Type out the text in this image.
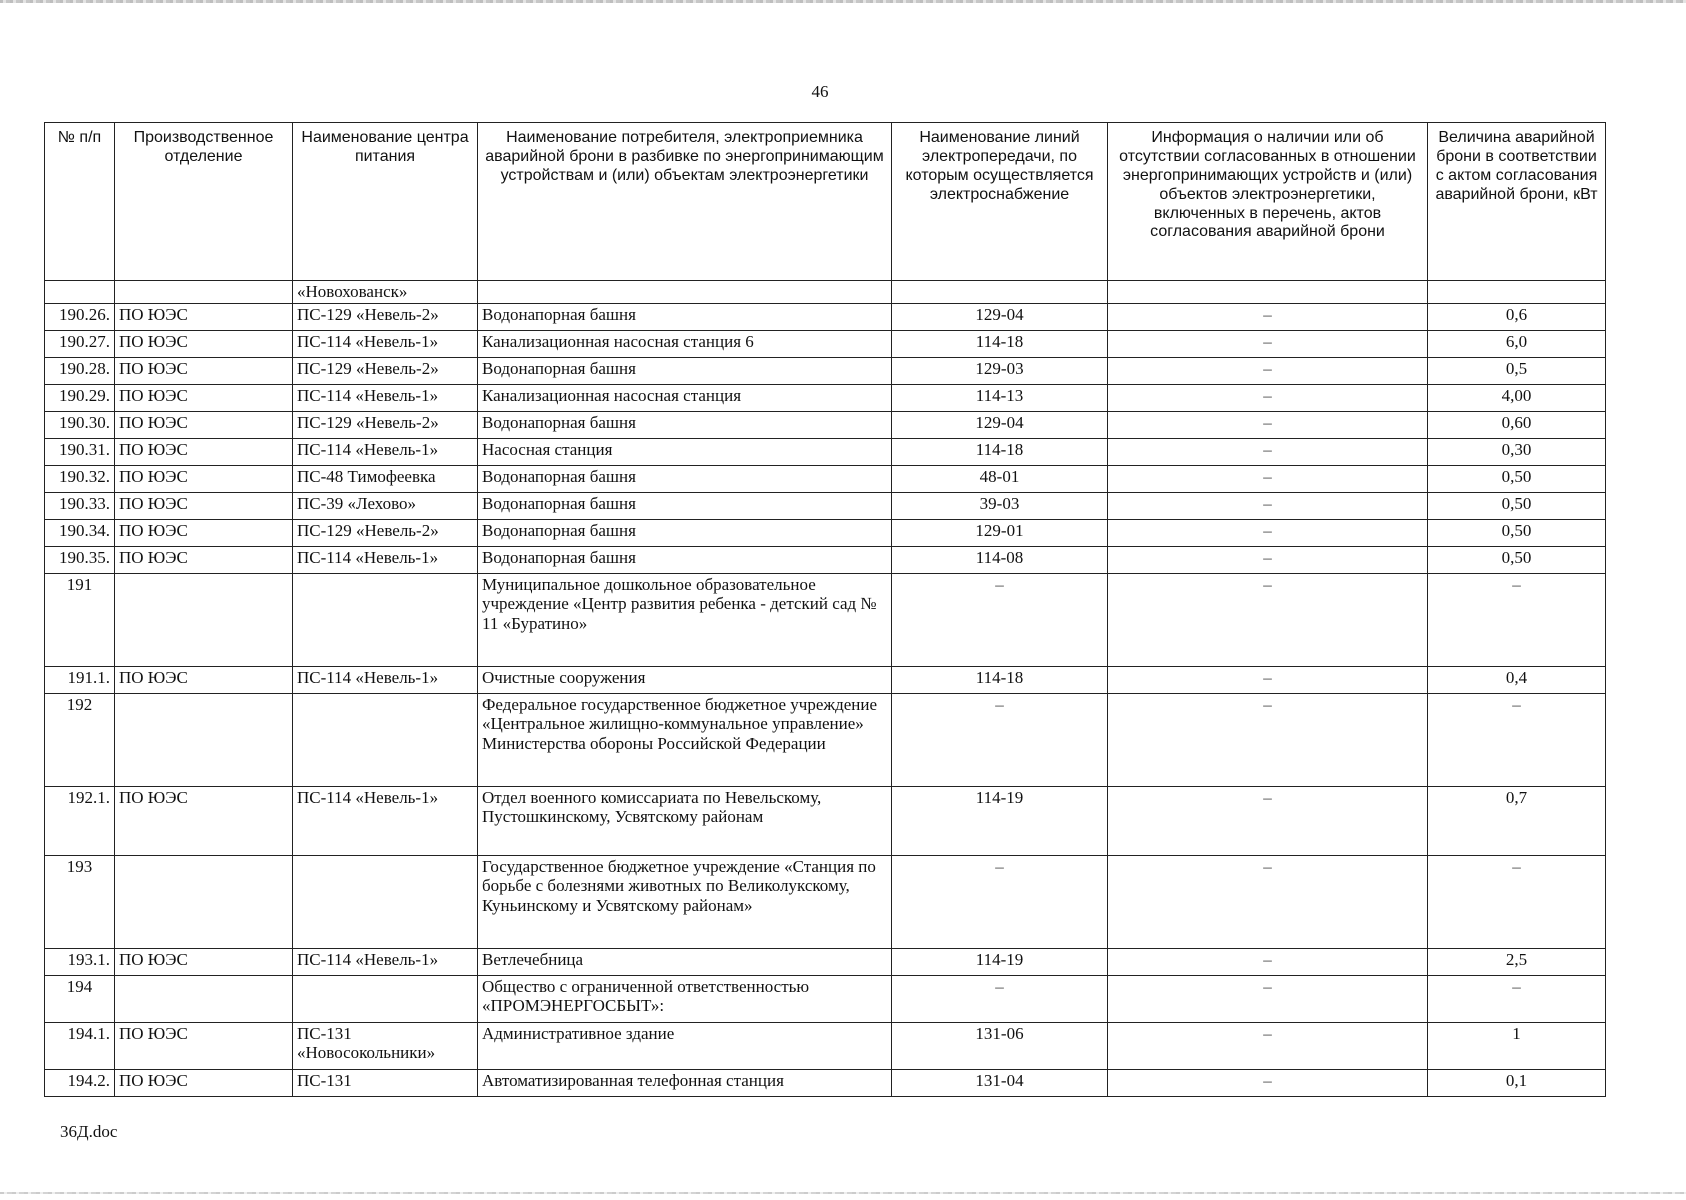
46
№ п/п	Производственное отделение	Наименование центра питания	Наименование потребителя, электроприемника аварийной брони в разбивке по энергопринимающим устройствам и (или) объектам электроэнергетики	Наименование линий электропередачи, по которым осуществляется электроснабжение	Информация о наличии или об отсутствии согласованных в отношении энергопринимающих устройств и (или) объектов электроэнергетики, включенных в перечень, актов согласования аварийной брони	Величина аварийной брони в соответствии с актом согласования аварийной брони, кВт
		«Новохованск»				
190.26.	ПО ЮЭС	ПС-129 «Невель-2»	Водонапорная башня	129-04	–	0,6
190.27.	ПО ЮЭС	ПС-114 «Невель-1»	Канализационная насосная станция 6	114-18	–	6,0
190.28.	ПО ЮЭС	ПС-129 «Невель-2»	Водонапорная башня	129-03	–	0,5
190.29.	ПО ЮЭС	ПС-114 «Невель-1»	Канализационная насосная станция	114-13	–	4,00
190.30.	ПО ЮЭС	ПС-129 «Невель-2»	Водонапорная башня	129-04	–	0,60
190.31.	ПО ЮЭС	ПС-114 «Невель-1»	Насосная станция	114-18	–	0,30
190.32.	ПО ЮЭС	ПС-48 Тимофеевка	Водонапорная башня	48-01	–	0,50
190.33.	ПО ЮЭС	ПС-39 «Лехово»	Водонапорная башня	39-03	–	0,50
190.34.	ПО ЮЭС	ПС-129 «Невель-2»	Водонапорная башня	129-01	–	0,50
190.35.	ПО ЮЭС	ПС-114 «Невель-1»	Водонапорная башня	114-08	–	0,50
191			Муниципальное дошкольное образовательное учреждение «Центр развития ребенка - детский сад № 11 «Буратино»	–	–	–
191.1.	ПО ЮЭС	ПС-114 «Невель-1»	Очистные сооружения	114-18	–	0,4
192			Федеральное государственное бюджетное учреждение «Центральное жилищно-коммунальное управление» Министерства обороны Российской Федерации	–	–	–
192.1.	ПО ЮЭС	ПС-114 «Невель-1»	Отдел военного комиссариата по Невельскому, Пустошкинскому, Усвятскому районам	114-19	–	0,7
193			Государственное бюджетное учреждение «Станция по борьбе с болезнями животных по Великолукскому, Куньинскому и Усвятскому районам»	–	–	–
193.1.	ПО ЮЭС	ПС-114 «Невель-1»	Ветлечебница	114-19	–	2,5
194			Общество с ограниченной ответственностью «ПРОМЭНЕРГОСБЫТ»:	–	–	–
194.1.	ПО ЮЭС	ПС-131 «Новосокольники»	Административное здание	131-06	–	1
194.2.	ПО ЮЭС	ПС-131	Автоматизированная телефонная станция	131-04	–	0,1
36Д.doc
